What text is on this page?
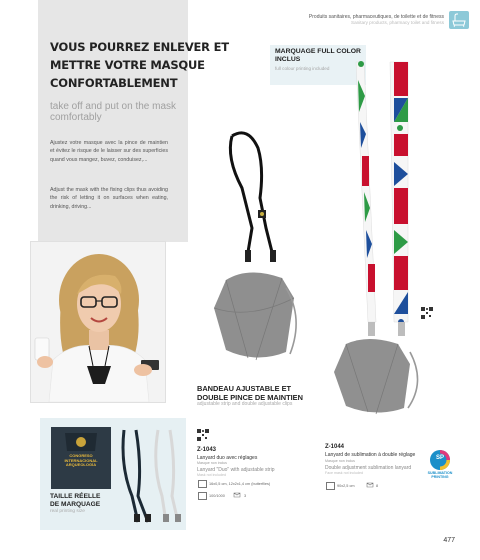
VOUS POURREZ ENLEVER ET
METTRE VOTRE MASQUE
CONFORTABLEMENT
take off and put on the mask comfortably
Ajustez votre masque avec la pince de maintien et évitez le risque de le laisser sur des superficies quand vous mangez, buvez, conduisez,...
Adjust the mask with the fixing clips thus avoiding the risk of letting it on surfaces when eating, drinking, driving...
Produits sanitaires, pharmaceutiques, de toilette et de fitness
Sanitary products, pharmacy toilet and fitness
MARQUAGE FULL COLOR INCLUS
full colour printing included
BANDEAU AJUSTABLE ET DOUBLE PINCE DE MAINTIEN
adjustable strip and double adjustable clips
CONGRESO INTERNACIONAL ARQUEOLOGÍA
TAILLE RÉELLE DE MARQUAGE
real printing size
Z-1043
Lanyard duo avec réglages
Masque non inclus
Lanyard "Duo" with adjustable strip
Mask not included
16x0,5 cm, 12x2x1,4 cm (butterflies)
100/1000	3
Z-1044
Lanyard de sublimation à double réglage
Masque non inclus
Double adjustment sublimation lanyard
Face mask not included
90x2,5 cm	8
SP
SUBLIMATION PRINTING
477
